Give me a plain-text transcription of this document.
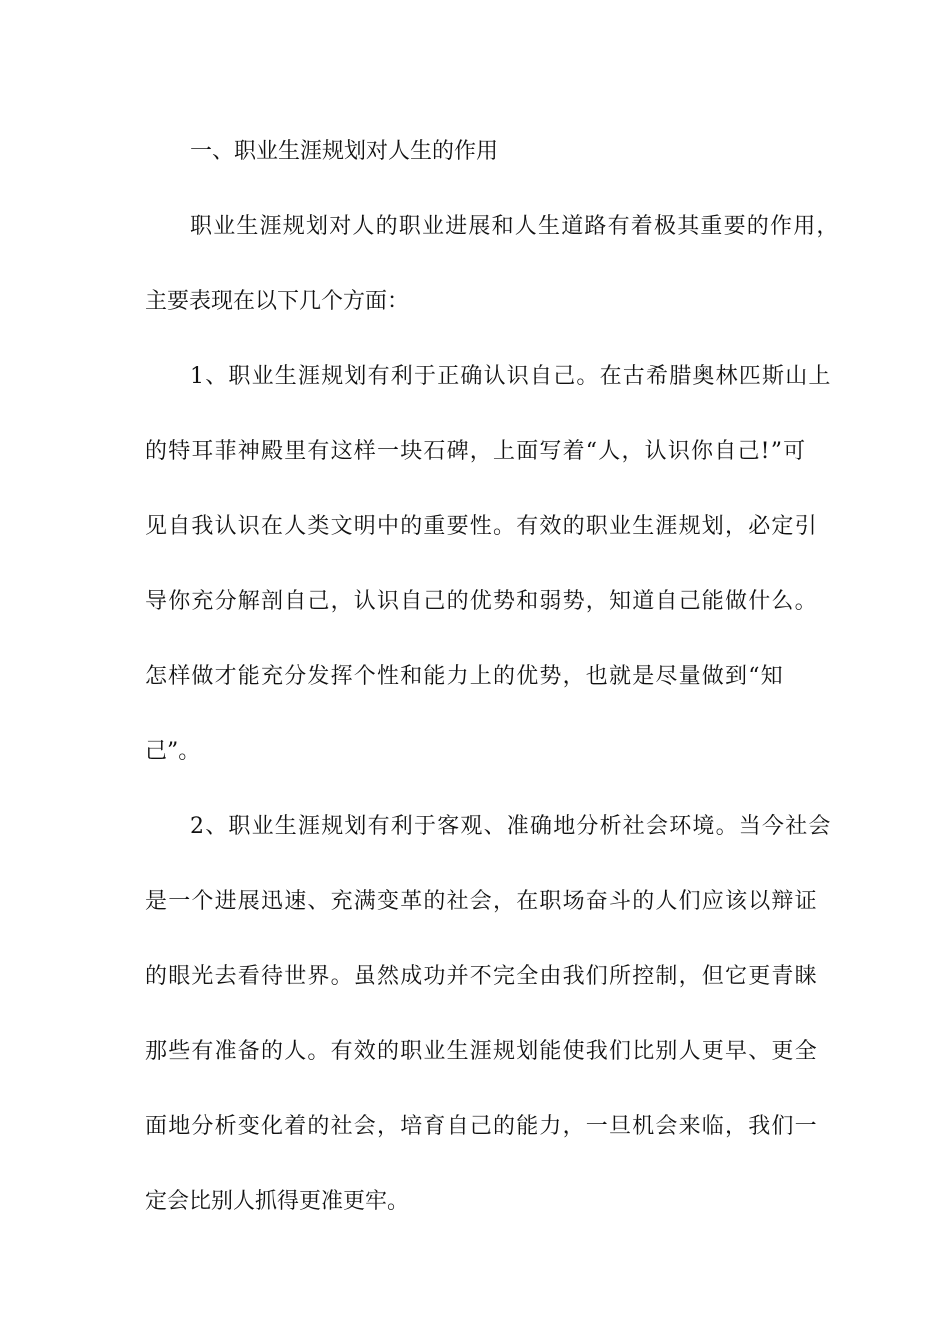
一、职业生涯规划对人生的作用
职业生涯规划对人的职业进展和人生道路有着极其重要的作用，
主要表现在以下几个方面：
1、职业生涯规划有利于正确认识自己。在古希腊奥林匹斯山上
的特耳菲神殿里有这样一块石碑，上面写着“人，认识你自己!”可
见自我认识在人类文明中的重要性。有效的职业生涯规划，必定引
导你充分解剖自己，认识自己的优势和弱势，知道自己能做什么。
怎样做才能充分发挥个性和能力上的优势，也就是尽量做到“知
己”。
2、职业生涯规划有利于客观、准确地分析社会环境。当今社会
是一个进展迅速、充满变革的社会，在职场奋斗的人们应该以辩证
的眼光去看待世界。虽然成功并不完全由我们所控制，但它更青睐
那些有准备的人。有效的职业生涯规划能使我们比别人更早、更全
面地分析变化着的社会，培育自己的能力，一旦机会来临，我们一
定会比别人抓得更准更牢。
